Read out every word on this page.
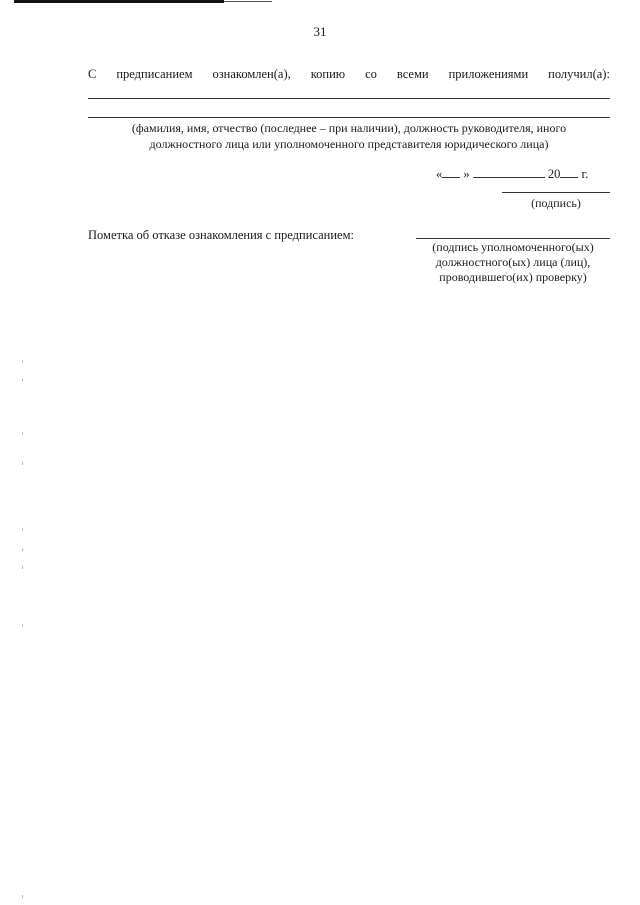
31
С предписанием ознакомлен(а), копию со всеми приложениями получил(а):
(фамилия, имя, отчество (последнее – при наличии), должность руководителя, иного
должностного лица или уполномоченного представителя юридического лица)
« »	20 г.
(подпись)
Пометка об отказе ознакомления с предписанием:
(подпись уполномоченного(ых)
должностного(ых) лица (лиц),
проводившего(их) проверку)
